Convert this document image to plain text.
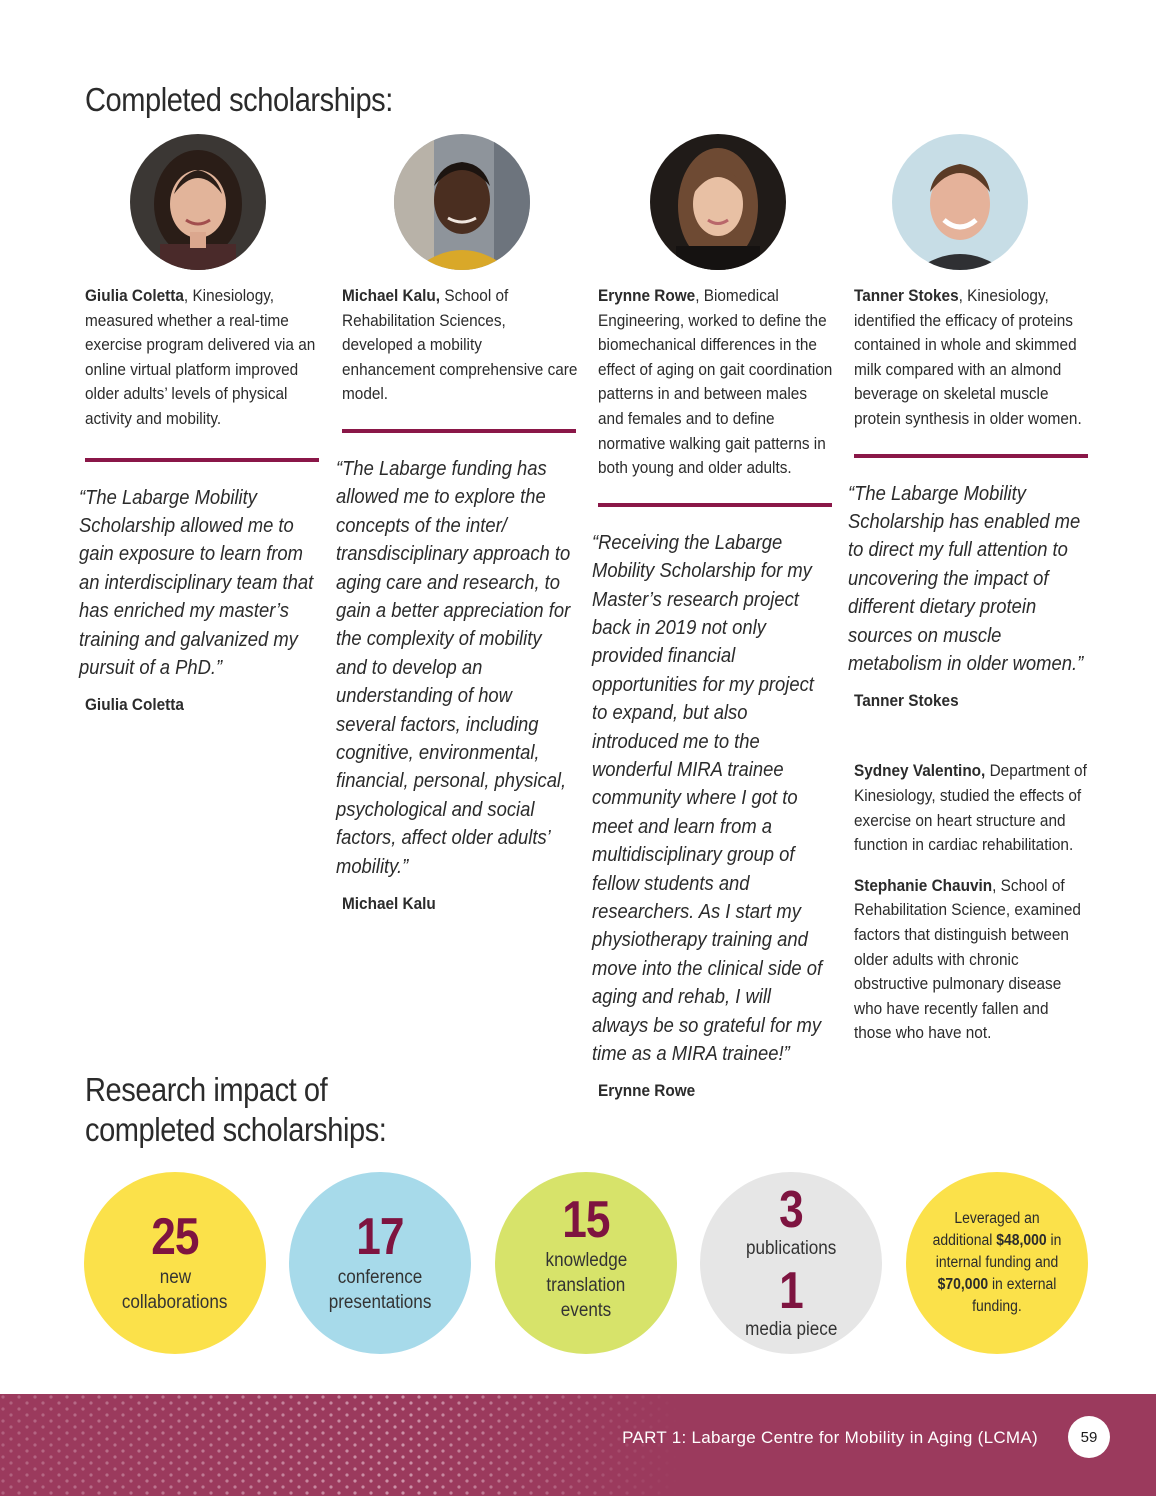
Completed scholarships:
Research impact of
completed scholarships:

Giulia Coletta, Kinesiology, measured whether a real-time exercise program delivered via an online virtual platform improved older adults’ levels of physical activity and mobility.

“The Labarge Mobility Scholarship allowed me to gain exposure to learn from an interdisciplinary team that has enriched my master’s training and galvanized my pursuit of a PhD.”

Giulia Coletta

Michael Kalu, School of Rehabilitation Sciences, developed a mobility enhancement comprehensive care model.

“The Labarge funding has allowed me to explore the concepts of the inter/ transdisciplinary approach to aging care and research, to gain a better appreciation for the complexity of mobility and to develop an understanding of how several factors, including cognitive, environmental, financial, personal, physical, psychological and social factors, affect older adults’ mobility.”

Michael Kalu

Erynne Rowe, Biomedical Engineering, worked to define the biomechanical differences in the effect of aging on gait coordination patterns in and between males and females and to define normative walking gait patterns in both young and older adults.

“Receiving the Labarge Mobility Scholarship for my Master’s research project back in 2019 not only provided financial opportunities for my project to expand, but also introduced me to the wonderful MIRA trainee community where I got to meet and learn from a multidisciplinary group of fellow students and researchers. As I start my physiotherapy training and move into the clinical side of aging and rehab, I will always be so grateful for my time as a MIRA trainee!”

Erynne Rowe

Tanner Stokes, Kinesiology, identified the efficacy of proteins contained in whole and skimmed milk compared with an almond beverage on skeletal muscle protein synthesis in older women.

“The Labarge Mobility Scholarship has enabled me to direct my full attention to uncovering the impact of different dietary protein sources on muscle metabolism in older women.”

Tanner Stokes

Sydney Valentino, Department of Kinesiology, studied the effects of exercise on heart structure and function in cardiac rehabilitation.

Stephanie Chauvin, School of Rehabilitation Science, examined factors that distinguish between older adults with chronic obstructive pulmonary disease who have recently fallen and those who have not.

25
new
collaborations
17
conference
presentations
15
knowledge
translation
events
3
publications
1
media piece
Leveraged an additional $48,000 in internal funding and $70,000 in external funding.
PART 1: Labarge Centre for Mobility in Aging (LCMA)	59
